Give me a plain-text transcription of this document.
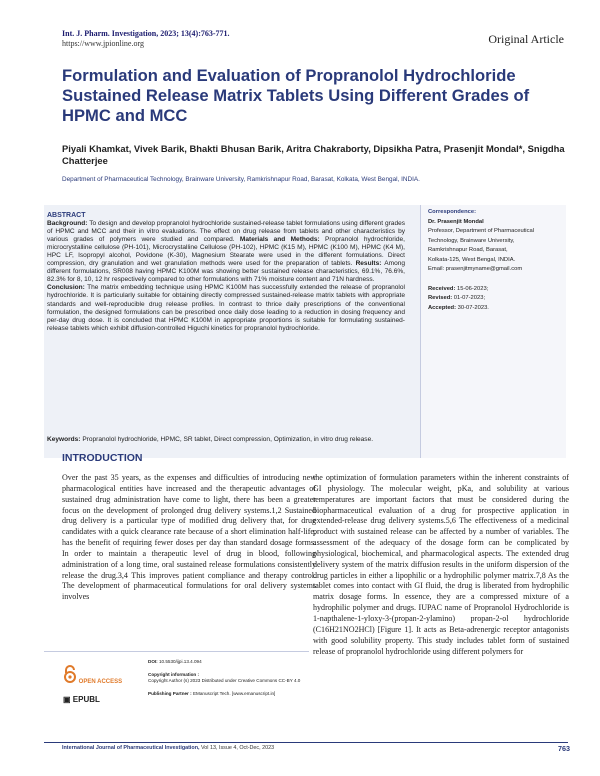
Int. J. Pharm. Investigation, 2023; 13(4):763-771.
https://www.jpionline.org	Original Article
Formulation and Evaluation of Propranolol Hydrochloride Sustained Release Matrix Tablets Using Different Grades of HPMC and MCC
Piyali Khamkat, Vivek Barik, Bhakti Bhusan Barik, Aritra Chakraborty, Dipsikha Patra, Prasenjit Mondal*, Snigdha Chatterjee
Department of Pharmaceutical Technology, Brainware University, Ramkrishnapur Road, Barasat, Kolkata, West Bengal, INDIA.
ABSTRACT
Background: To design and develop propranolol hydrochloride sustained-release tablet formulations using different grades of HPMC and MCC and their in vitro evaluations. The effect on drug release from tablets and other characteristics by various grades of polymers were studied and compared. Materials and Methods: Propranolol hydrochloride, microcrystalline cellulose (PH-101), Microcrystalline Cellulose (PH-102), HPMC (K15 M), HPMC (K100 M), HPMC (K4 M), HPC LF, Isopropyl alcohol, Povidone (K-30), Magnesium Stearate were used in the different formulations. Direct compression, dry granulation and wet granulation methods were used for the preparation of tablets. Results: Among different formulations, SR008 having HPMC K100M was showing better sustained release characteristics, 69.1%, 76.6%, 82.3% for 8, 10, 12 hr respectively compared to other formulations with 71% moisture content and 71N hardness.
Conclusion: The matrix embedding technique using HPMC K100M has successfully extended the release of propranolol hydrochloride. It is particularly suitable for obtaining directly compressed sustained-release matrix tablets with appropriate standards and well-reproducible drug release profiles. In contrast to thrice daily prescriptions of the conventional formulation, the designed formulations can be prescribed once daily dose leading to a reduction in dosing frequency and per-day drug dose. It is concluded that HPMC K100M in appropriate proportions is suitable for formulating sustained-release tablets which exhibit diffusion-controlled Higuchi kinetics for propranolol hydrochloride.
Keywords: Propranolol hydrochloride, HPMC, SR tablet, Direct compression, Optimization, in vitro drug release.
Correspondence:
Dr. Prasenjit Mondal
Professor, Department of Pharmaceutical
Technology, Brainware University,
Ramkrishnapur Road, Barasat,
Kolkata-125, West Bengal, INDIA.
Email: prasenjitmyname@gmail.com
Received: 15-06-2023;
Revised: 01-07-2023;
Accepted: 30-07-2023.
INTRODUCTION
Over the past 35 years, as the expenses and difficulties of introducing new pharmacological entities have increased and the therapeutic advantages of sustained drug administration have come to light, there has been a greater focus on the development of prolonged drug delivery systems.1,2 Sustained drug delivery is a particular type of modified drug delivery that, for drug candidates with a quick clearance rate because of a short elimination half-life, has the benefit of requiring fewer doses per day than standard dosage forms. In order to maintain a therapeutic level of drug in blood, following administration of a long time, oral sustained release formulations consistently release the drug.3,4 This improves patient compliance and therapy control. The development of pharmaceutical formulations for oral delivery systems involves
the optimization of formulation parameters within the inherent constraints of GI physiology. The molecular weight, pKa, and solubility at various temperatures are important factors that must be considered during the biopharmaceutical evaluation of a drug for prospective application in extended-release drug delivery systems.5,6 The effectiveness of a medicinal product with sustained release can be affected by a number of variables. The assessment of the adequacy of the dosage form can be complicated by physiological, biochemical, and pharmacological aspects. The extended drug delivery system of the matrix diffusion results in the uniform dispersion of the drug particles in either a lipophilic or a hydrophilic polymer matrix.7,8 As the tablet comes into contact with GI fluid, the drug is liberated from hydrophilic matrix dosage forms. In essence, they are a compressed mixture of a hydrophilic polymer and drugs. IUPAC name of Propranolol Hydrochloride is 1-napthalene-1-yloxy-3-(propan-2-ylamino) propan-2-ol hydrochloride (C16H21NO2HCl) [Figure 1]. It acts as Beta-adrenergic receptor antagonists with good solubility property. This study includes tablet form of sustained release of propranolol hydrochloride using different polymers for
OPEN ACCESS
▣ EPUBL
DOI: 10.5530/ijpi.13.4.094
Copyright information :
Copyright Author (s) 2023 Distributed under Creative Commons CC-BY 4.0
Publishing Partner : EManuscript Tech. [www.emanuscript.in]
International Journal of Pharmaceutical Investigation, Vol 13, Issue 4, Oct-Dec, 2023	763
